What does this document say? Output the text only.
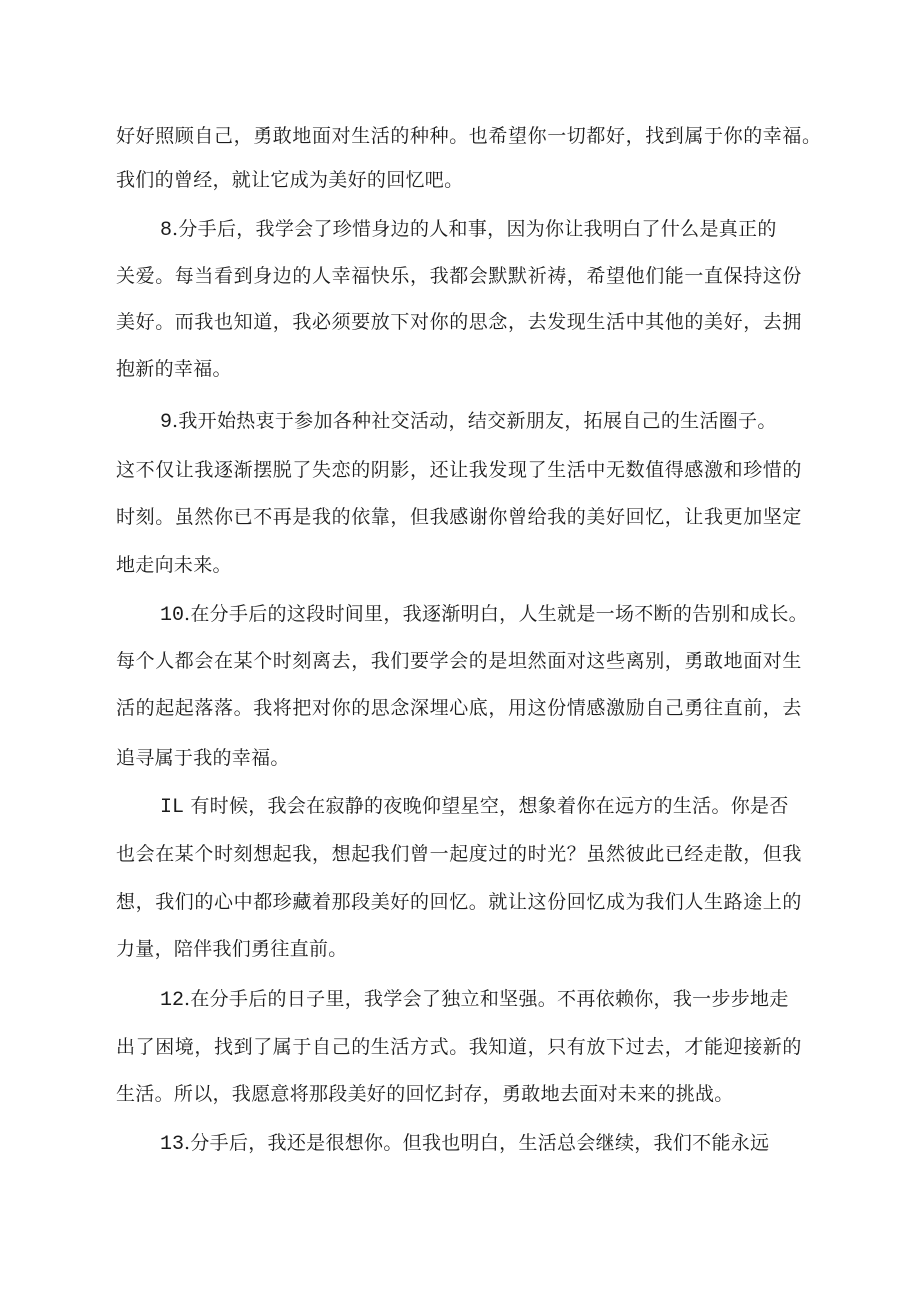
好好照顾自己，勇敢地面对生活的种种。也希望你一切都好，找到属于你的幸福。
我们的曾经，就让它成为美好的回忆吧。
8.分手后，我学会了珍惜身边的人和事，因为你让我明白了什么是真正的
关爱。每当看到身边的人幸福快乐，我都会默默祈祷，希望他们能一直保持这份
美好。而我也知道，我必须要放下对你的思念，去发现生活中其他的美好，去拥
抱新的幸福。
9.我开始热衷于参加各种社交活动，结交新朋友，拓展自己的生活圈子。
这不仅让我逐渐摆脱了失恋的阴影，还让我发现了生活中无数值得感激和珍惜的
时刻。虽然你已不再是我的依靠，但我感谢你曾给我的美好回忆，让我更加坚定
地走向未来。
10.在分手后的这段时间里，我逐渐明白，人生就是一场不断的告别和成长。
每个人都会在某个时刻离去，我们要学会的是坦然面对这些离别，勇敢地面对生
活的起起落落。我将把对你的思念深埋心底，用这份情感激励自己勇往直前，去
追寻属于我的幸福。
IL 有时候，我会在寂静的夜晚仰望星空，想象着你在远方的生活。你是否
也会在某个时刻想起我，想起我们曾一起度过的时光？虽然彼此已经走散，但我
想，我们的心中都珍藏着那段美好的回忆。就让这份回忆成为我们人生路途上的
力量，陪伴我们勇往直前。
12.在分手后的日子里，我学会了独立和坚强。不再依赖你，我一步步地走
出了困境，找到了属于自己的生活方式。我知道，只有放下过去，才能迎接新的
生活。所以，我愿意将那段美好的回忆封存，勇敢地去面对未来的挑战。
13.分手后，我还是很想你。但我也明白，生活总会继续，我们不能永远
